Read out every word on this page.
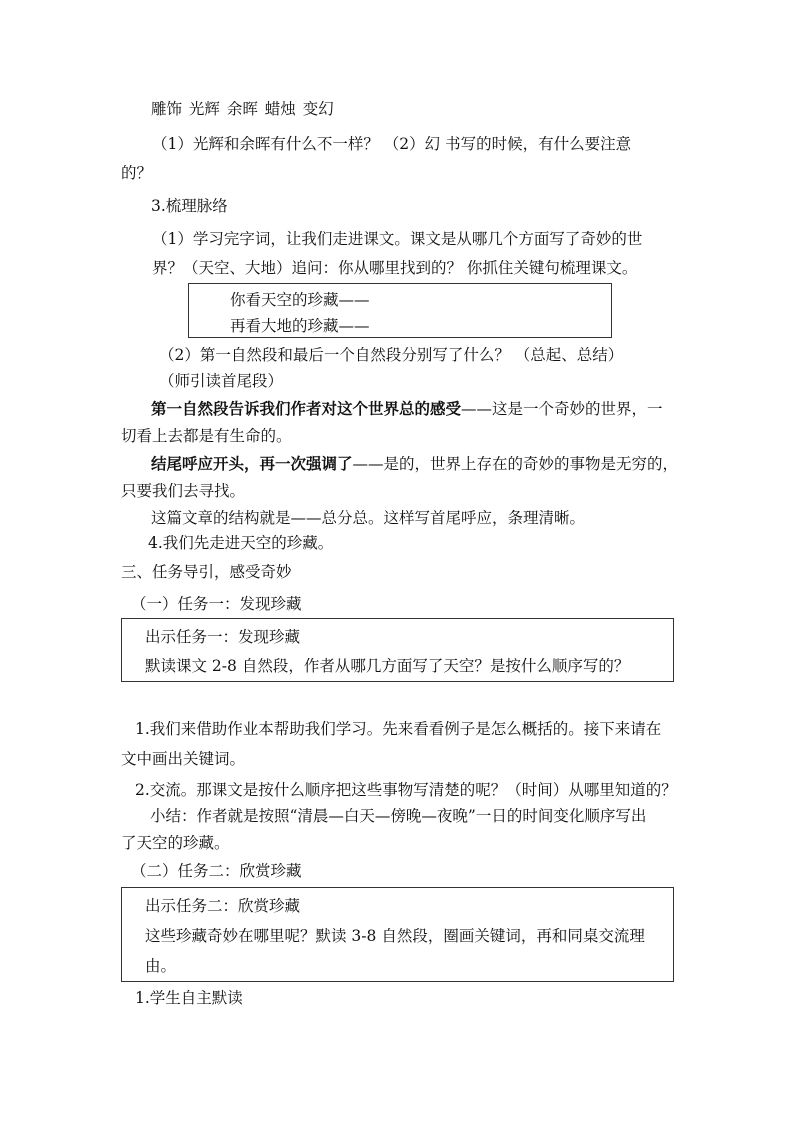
雕饰 光辉 余晖 蜡烛 变幻
（1）光辉和余晖有什么不一样？ （2）幻 书写的时候，有什么要注意
的？
3.梳理脉络
（1）学习完字词，让我们走进课文。课文是从哪几个方面写了奇妙的世
界？（天空、大地）追问：你从哪里找到的？ 你抓住关键句梳理课文。
你看天空的珍藏——
再看大地的珍藏——
（2）第一自然段和最后一个自然段分别写了什么？ （总起、总结）
（师引读首尾段）
第一自然段告诉我们作者对这个世界总的感受——这是一个奇妙的世界，一
切看上去都是有生命的。
结尾呼应开头，再一次强调了——是的，世界上存在的奇妙的事物是无穷的，
只要我们去寻找。
这篇文章的结构就是——总分总。这样写首尾呼应，条理清晰。
4.我们先走进天空的珍藏。
三、任务导引，感受奇妙
（一）任务一：发现珍藏
出示任务一：发现珍藏
默读课文 2-8 自然段，作者从哪几方面写了天空？是按什么顺序写的？
1.我们来借助作业本帮助我们学习。先来看看例子是怎么概括的。接下来请在
文中画出关键词。
2.交流。那课文是按什么顺序把这些事物写清楚的呢？（时间）从哪里知道的？
小结：作者就是按照“清晨—白天—傍晚—夜晚”一日的时间变化顺序写出
了天空的珍藏。
（二）任务二：欣赏珍藏
出示任务二：欣赏珍藏
这些珍藏奇妙在哪里呢？默读 3-8 自然段，圈画关键词，再和同桌交流理
由。
1.学生自主默读
